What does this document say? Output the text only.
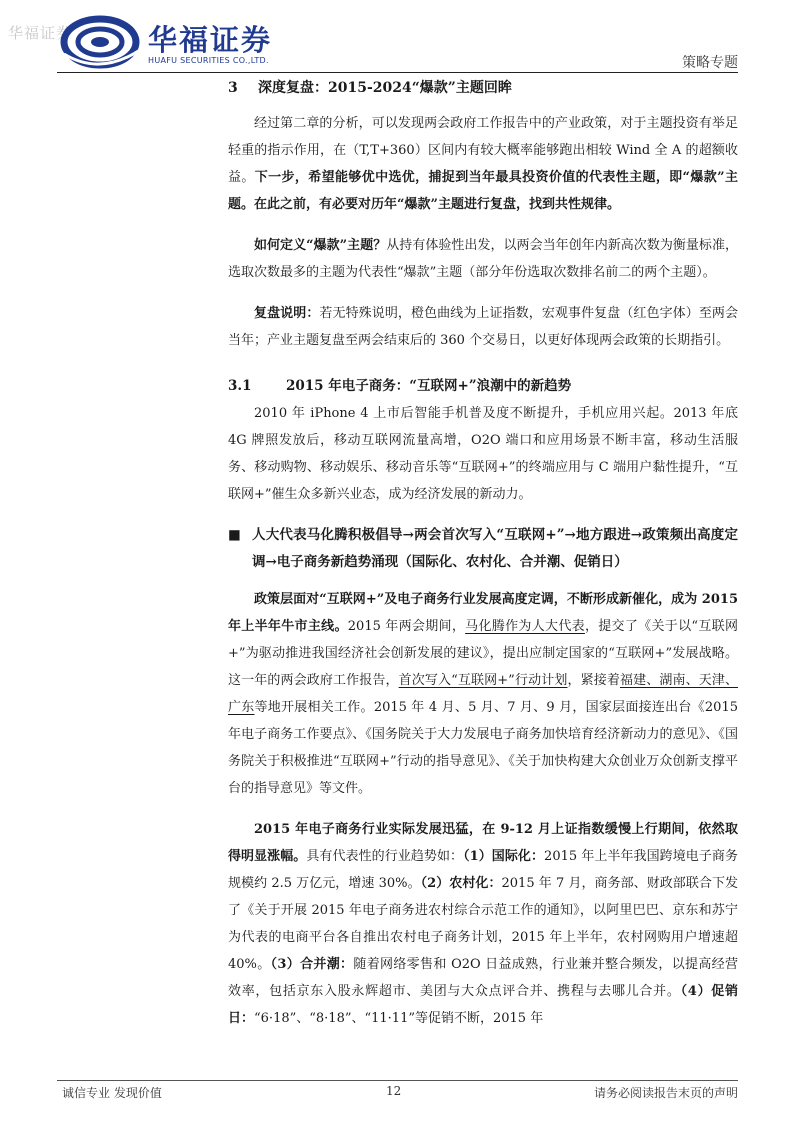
华福证券	华福证券
HUAFU SECURITIES CO.,LTD.	策略专题
3 深度复盘：2015-2024“爆款”主题回眸

经过第二章的分析，可以发现两会政府工作报告中的产业政策，对于主题投资有举足轻重的指示作用，在（T,T+360）区间内有较大概率能够跑出相较 Wind 全 A 的超额收益。下一步，希望能够优中选优，捕捉到当年最具投资价值的代表性主题，即“爆款”主题。在此之前，有必要对历年“爆款”主题进行复盘，找到共性规律。

如何定义“爆款”主题？从持有体验性出发，以两会当年创年内新高次数为衡量标准，选取次数最多的主题为代表性“爆款”主题（部分年份选取次数排名前二的两个主题）。

复盘说明：若无特殊说明，橙色曲线为上证指数，宏观事件复盘（红色字体）至两会当年；产业主题复盘至两会结束后的 360 个交易日，以更好体现两会政策的长期指引。

3.1	2015 年电子商务：“互联网+”浪潮中的新趋势

2010 年 iPhone 4 上市后智能手机普及度不断提升，手机应用兴起。2013 年底 4G 牌照发放后，移动互联网流量高增，O2O 端口和应用场景不断丰富，移动生活服务、移动购物、移动娱乐、移动音乐等“互联网+”的终端应用与 C 端用户黏性提升，“互联网+”催生众多新兴业态，成为经济发展的新动力。

■ 人大代表马化腾积极倡导→两会首次写入“互联网+”→地方跟进→政策频出高度定调→电子商务新趋势涌现（国际化、农村化、合并潮、促销日）

政策层面对“互联网+”及电子商务行业发展高度定调，不断形成新催化，成为 2015 年上半年牛市主线。2015 年两会期间，马化腾作为人大代表，提交了《关于以“互联网+”为驱动推进我国经济社会创新发展的建议》，提出应制定国家的“互联网+”发展战略。这一年的两会政府工作报告，首次写入“互联网+”行动计划，紧接着福建、湖南、天津、广东等地开展相关工作。2015 年 4 月、5 月、7 月、9 月，国家层面接连出台《2015 年电子商务工作要点》、《国务院关于大力发展电子商务加快培育经济新动力的意见》、《国务院关于积极推进“互联网+”行动的指导意见》、《关于加快构建大众创业万众创新支撑平台的指导意见》等文件。

2015 年电子商务行业实际发展迅猛，在 9-12 月上证指数缓慢上行期间，依然取得明显涨幅。具有代表性的行业趋势如：（1）国际化：2015 年上半年我国跨境电子商务规模约 2.5 万亿元，增速 30%。（2）农村化：2015 年 7 月，商务部、财政部联合下发了《关于开展 2015 年电子商务进农村综合示范工作的通知》，以阿里巴巴、京东和苏宁为代表的电商平台各自推出农村电子商务计划，2015 年上半年，农村网购用户增速超 40%。（3）合并潮：随着网络零售和 O2O 日益成熟，行业兼并整合频发，以提高经营效率，包括京东入股永辉超市、美团与大众点评合并、携程与去哪儿合并。（4）促销日：“6·18”、“8·18”、“11·11”等促销不断，2015 年

诚信专业 发现价值	12	请务必阅读报告末页的声明
